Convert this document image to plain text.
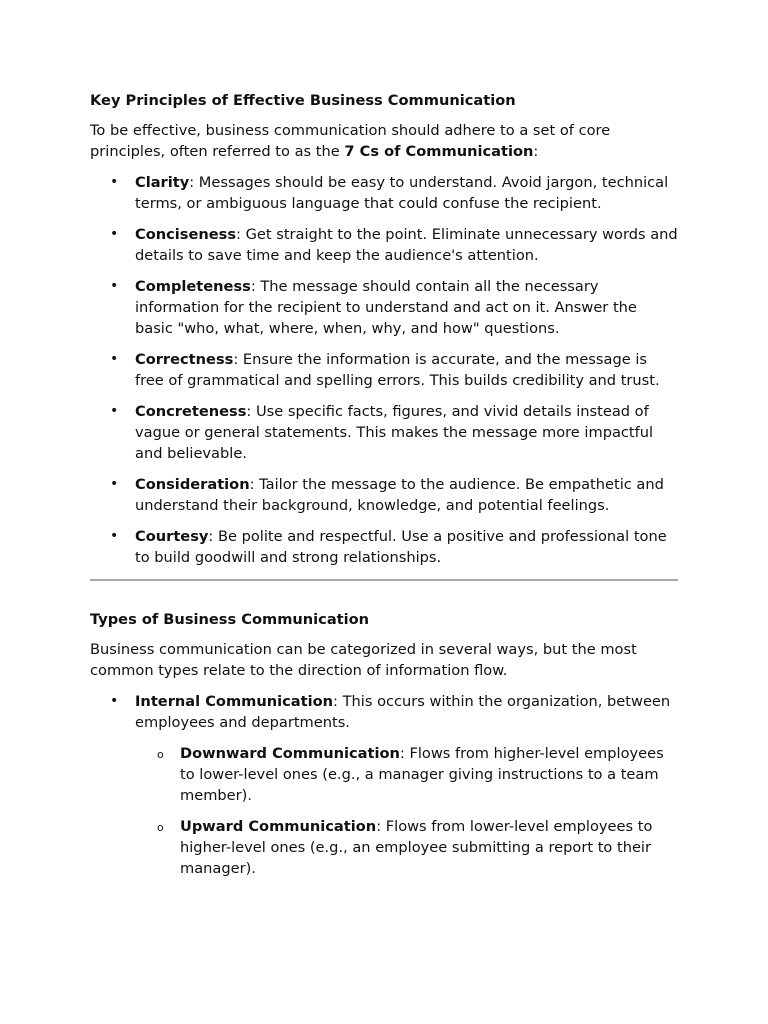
Key Principles of Effective Business Communication

To be effective, business communication should adhere to a set of core principles, often referred to as the 7 Cs of Communication:

• Clarity: Messages should be easy to understand. Avoid jargon, technical terms, or ambiguous language that could confuse the recipient.
• Conciseness: Get straight to the point. Eliminate unnecessary words and details to save time and keep the audience's attention.
• Completeness: The message should contain all the necessary information for the recipient to understand and act on it. Answer the basic "who, what, where, when, why, and how" questions.
• Correctness: Ensure the information is accurate, and the message is free of grammatical and spelling errors. This builds credibility and trust.
• Concreteness: Use specific facts, figures, and vivid details instead of vague or general statements. This makes the message more impactful and believable.
• Consideration: Tailor the message to the audience. Be empathetic and understand their background, knowledge, and potential feelings.
• Courtesy: Be polite and respectful. Use a positive and professional tone to build goodwill and strong relationships.
Types of Business Communication

Business communication can be categorized in several ways, but the most common types relate to the direction of information flow.

• Internal Communication: This occurs within the organization, between employees and departments.
o Downward Communication: Flows from higher-level employees to lower-level ones (e.g., a manager giving instructions to a team member).
o Upward Communication: Flows from lower-level employees to higher-level ones (e.g., an employee submitting a report to their manager).
